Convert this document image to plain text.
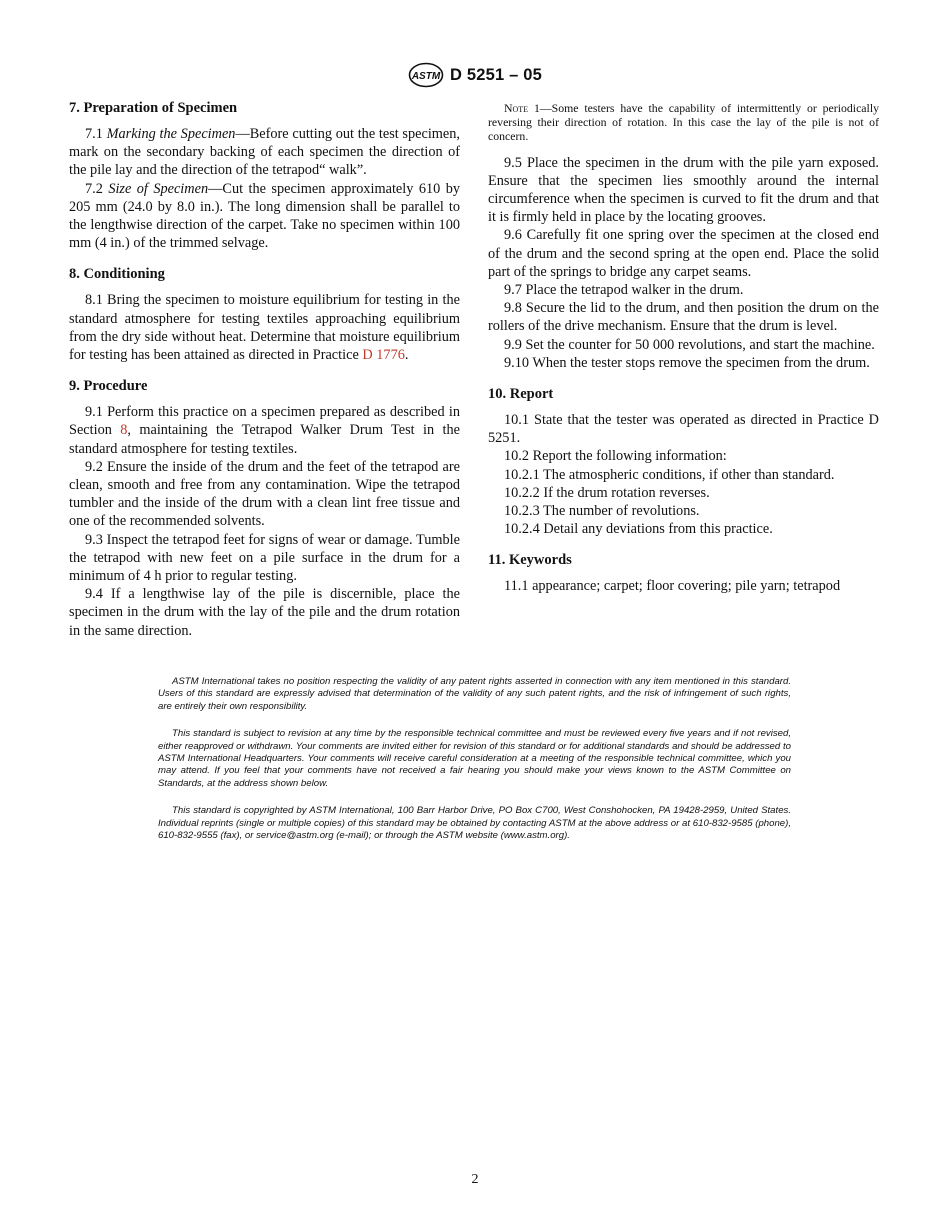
ASTM D 5251 – 05
7. Preparation of Specimen

7.1 Marking the Specimen—Before cutting out the test specimen, mark on the secondary backing of each specimen the direction of the pile lay and the direction of the tetrapod“ walk”.

7.2 Size of Specimen—Cut the specimen approximately 610 by 205 mm (24.0 by 8.0 in.). The long dimension shall be parallel to the lengthwise direction of the carpet. Take no specimen within 100 mm (4 in.) of the trimmed selvage.

8. Conditioning

8.1 Bring the specimen to moisture equilibrium for testing in the standard atmosphere for testing textiles approaching equilibrium from the dry side without heat. Determine that moisture equilibrium for testing has been attained as directed in Practice D 1776.

9. Procedure

9.1 Perform this practice on a specimen prepared as described in Section 8, maintaining the Tetrapod Walker Drum Test in the standard atmosphere for testing textiles.

9.2 Ensure the inside of the drum and the feet of the tetrapod are clean, smooth and free from any contamination. Wipe the tetrapod tumbler and the inside of the drum with a clean lint free tissue and one of the recommended solvents.

9.3 Inspect the tetrapod feet for signs of wear or damage. Tumble the tetrapod with new feet on a pile surface in the drum for a minimum of 4 h prior to regular testing.

9.4 If a lengthwise lay of the pile is discernible, place the specimen in the drum with the lay of the pile and the drum rotation in the same direction.

Note 1—Some testers have the capability of intermittently or periodically reversing their direction of rotation. In this case the lay of the pile is not of concern.

9.5 Place the specimen in the drum with the pile yarn exposed. Ensure that the specimen lies smoothly around the internal circumference when the specimen is curved to fit the drum and that it is firmly held in place by the locating grooves.

9.6 Carefully fit one spring over the specimen at the closed end of the drum and the second spring at the open end. Place the solid part of the springs to bridge any carpet seams.

9.7 Place the tetrapod walker in the drum.

9.8 Secure the lid to the drum, and then position the drum on the rollers of the drive mechanism. Ensure that the drum is level.

9.9 Set the counter for 50 000 revolutions, and start the machine.

9.10 When the tester stops remove the specimen from the drum.

10. Report

10.1 State that the tester was operated as directed in Practice D 5251.

10.2 Report the following information:

10.2.1 The atmospheric conditions, if other than standard.

10.2.2 If the drum rotation reverses.

10.2.3 The number of revolutions.

10.2.4 Detail any deviations from this practice.

11. Keywords

11.1 appearance; carpet; floor covering; pile yarn; tetrapod

ASTM International takes no position respecting the validity of any patent rights asserted in connection with any item mentioned in this standard. Users of this standard are expressly advised that determination of the validity of any such patent rights, and the risk of infringement of such rights, are entirely their own responsibility.

This standard is subject to revision at any time by the responsible technical committee and must be reviewed every five years and if not revised, either reapproved or withdrawn. Your comments are invited either for revision of this standard or for additional standards and should be addressed to ASTM International Headquarters. Your comments will receive careful consideration at a meeting of the responsible technical committee, which you may attend. If you feel that your comments have not received a fair hearing you should make your views known to the ASTM Committee on Standards, at the address shown below.

This standard is copyrighted by ASTM International, 100 Barr Harbor Drive, PO Box C700, West Conshohocken, PA 19428-2959, United States. Individual reprints (single or multiple copies) of this standard may be obtained by contacting ASTM at the above address or at 610-832-9585 (phone), 610-832-9555 (fax), or service@astm.org (e-mail); or through the ASTM website (www.astm.org).

2
